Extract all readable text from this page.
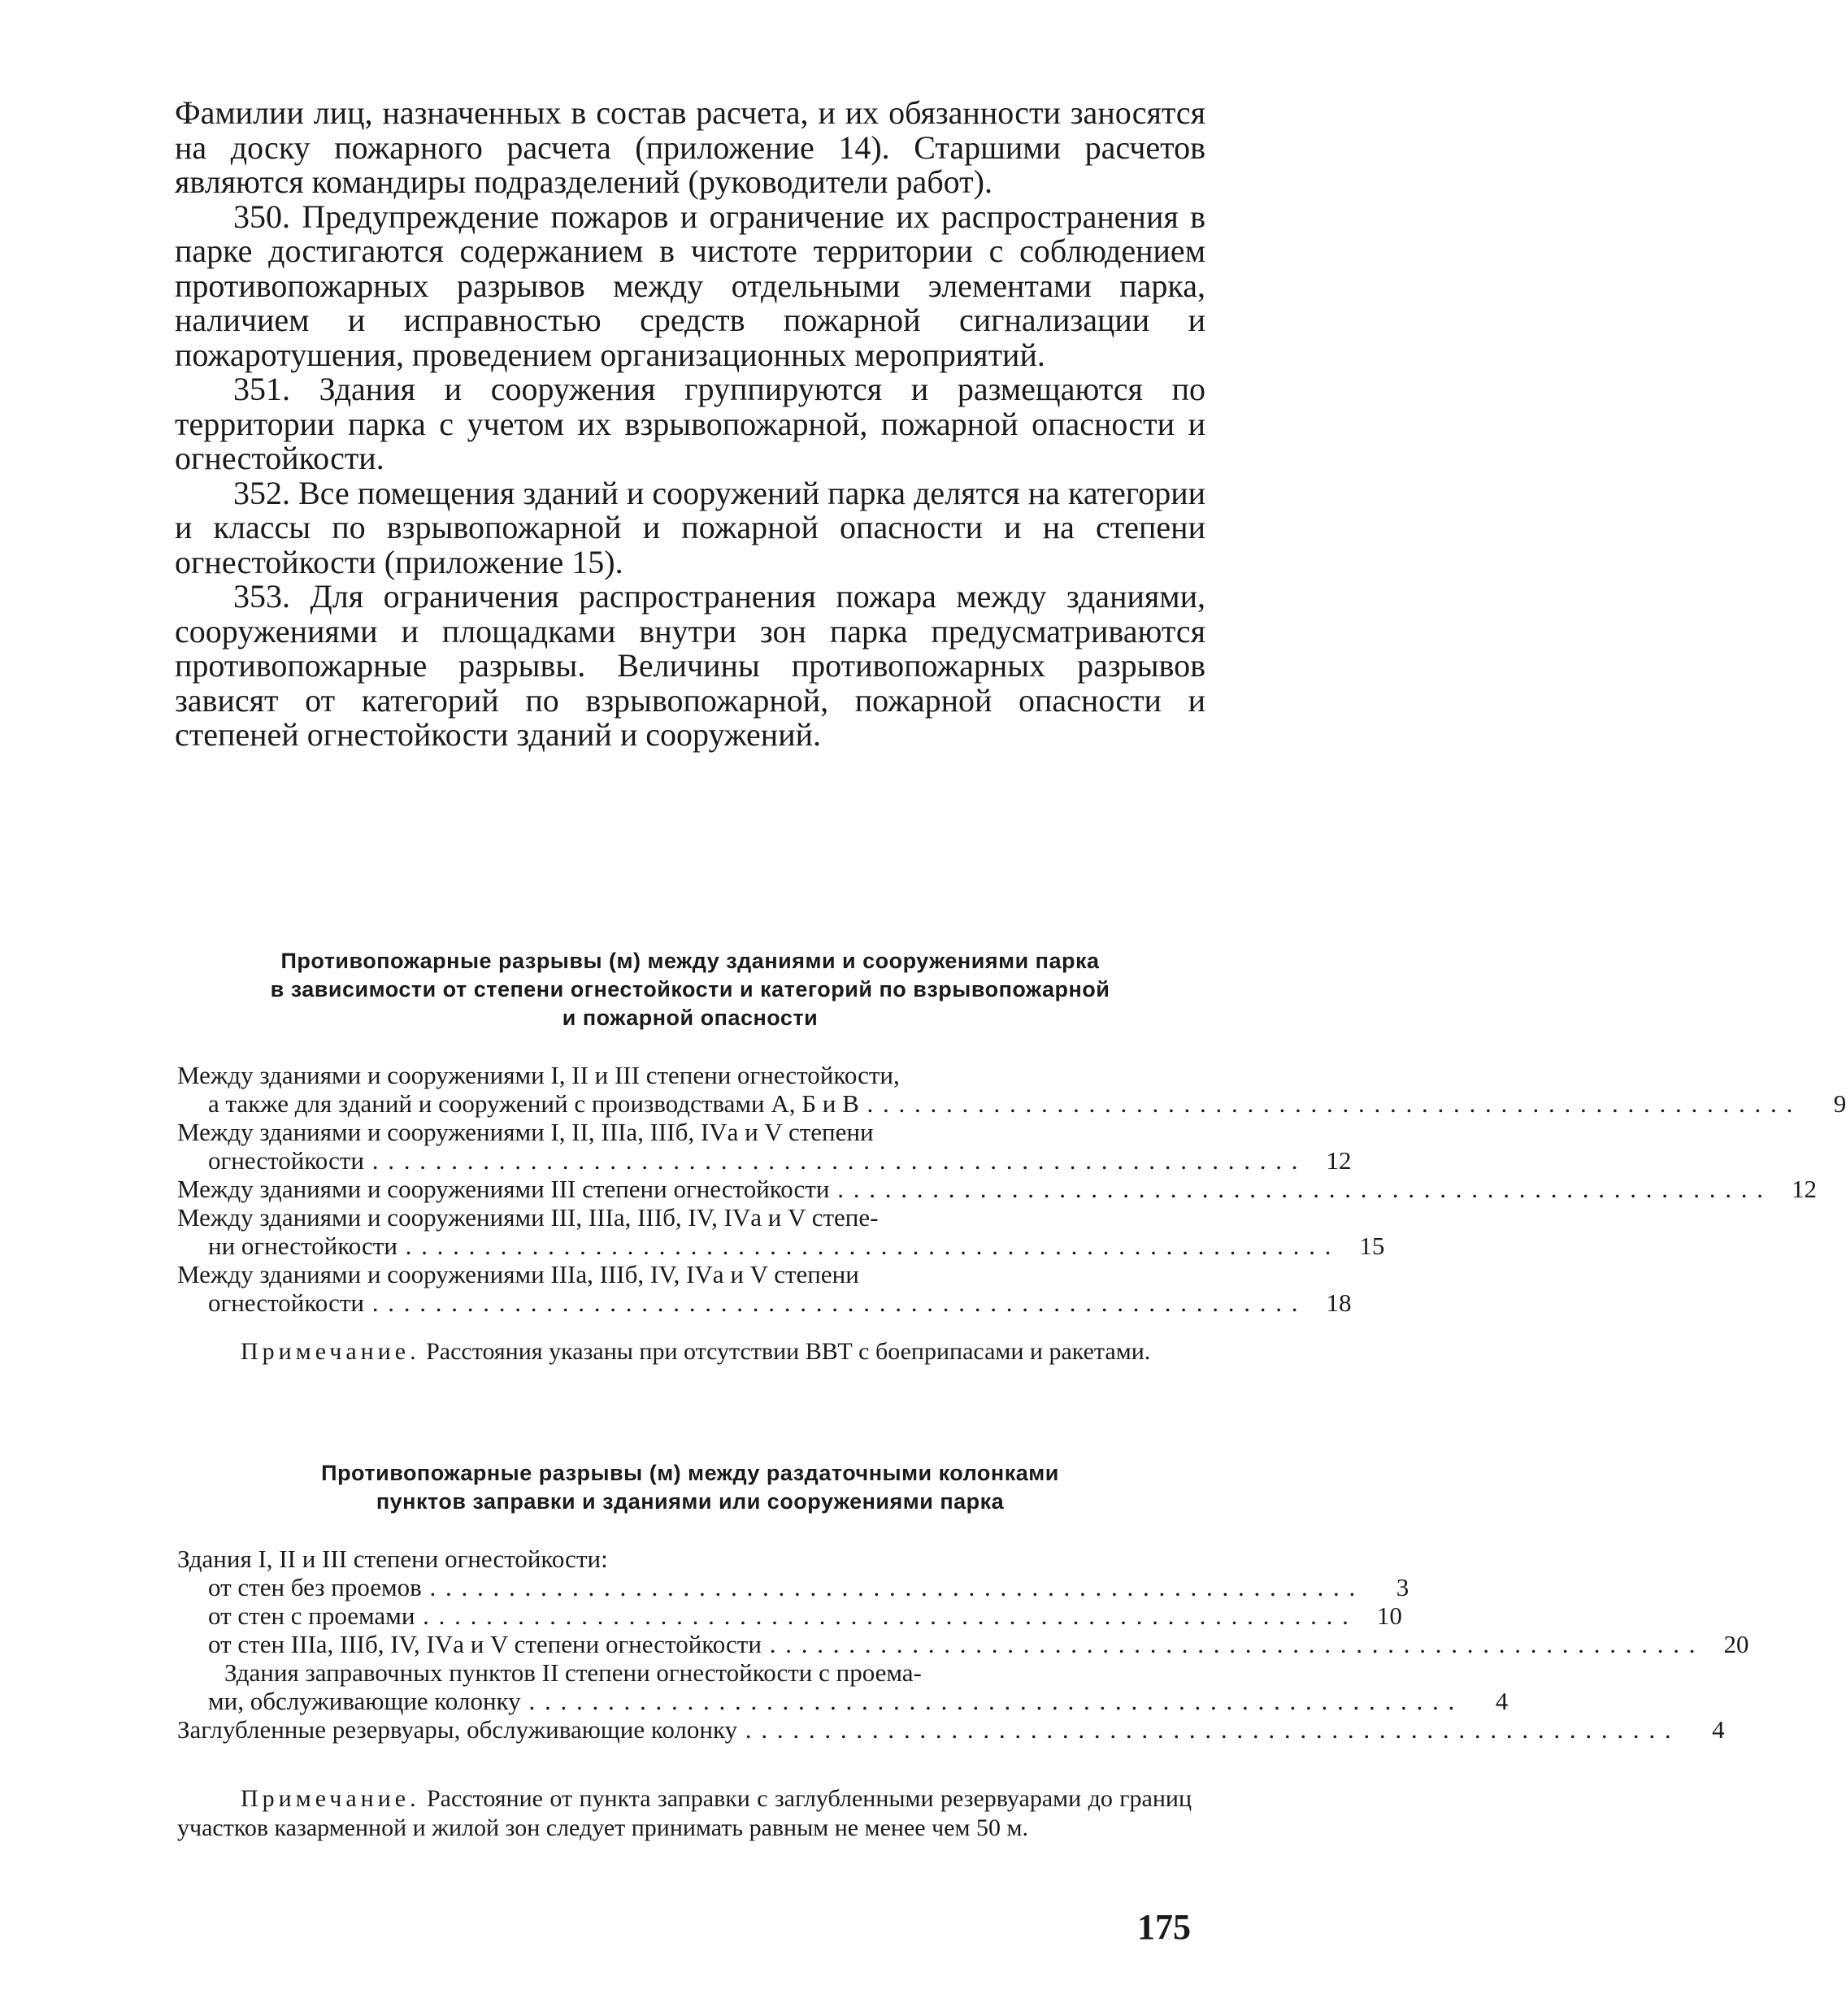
Фамилии лиц, назначенных в состав расчета, и их обязанности заносятся на доску пожарного расчета (приложение 14). Старшими расчетов являются командиры подразделений (руководители работ).

350. Предупреждение пожаров и ограничение их распространения в парке достигаются содержанием в чистоте территории с соблюдением противопожарных разрывов между отдельными элементами парка, наличием и исправностью средств пожарной сигнализации и пожаротушения, проведением организационных мероприятий.

351. Здания и сооружения группируются и размещаются по территории парка с учетом их взрывопожарной, пожарной опасности и огнестойкости.

352. Все помещения зданий и сооружений парка делятся на категории и классы по взрывопожарной и пожарной опасности и на степени огнестойкости (приложение 15).

353. Для ограничения распространения пожара между зданиями, сооружениями и площадками внутри зон парка предусматриваются противопожарные разрывы. Величины противопожарных разрывов зависят от категорий по взрывопожарной, пожарной опасности и степеней огнестойкости зданий и сооружений.

Противопожарные разрывы (м) между зданиями и сооружениями парка
в зависимости от степени огнестойкости и категорий по взрывопожарной
и пожарной опасности
Между зданиями и сооружениями I, II и III степени огнестойкости,
а также для зданий и сооружений с производствами А, Б и В . . . . . . . . . . . . . . . . . . . . . . . . . . . . . . . . . . . . . . . . . . . . . . . . . . . . . . . . . . .	9
Между зданиями и сооружениями I, II, IIIа, IIIб, IVа и V степени
огнестойкости . . . . . . . . . . . . . . . . . . . . . . . . . . . . . . . . . . . . . . . . . . . . . . . . . . . . . . . . . . .	12
Между зданиями и сооружениями III степени огнестойкости . . . . . . . . . . . . . . . . . . . . . . . . . . . . . . . . . . . . . . . . . . . . . . . . . . . . . . . . . . .	12
Между зданиями и сооружениями III, IIIа, IIIб, IV, IVа и V степе-
ни огнестойкости . . . . . . . . . . . . . . . . . . . . . . . . . . . . . . . . . . . . . . . . . . . . . . . . . . . . . . . . . . .	15
Между зданиями и сооружениями IIIа, IIIб, IV, IVа и V степени
огнестойкости . . . . . . . . . . . . . . . . . . . . . . . . . . . . . . . . . . . . . . . . . . . . . . . . . . . . . . . . . . .	18
Примечание. Расстояния указаны при отсутствии ВВТ с боеприпасами и ракетами.
Противопожарные разрывы (м) между раздаточными колонками
пунктов заправки и зданиями или сооружениями парка
Здания I, II и III степени огнестойкости:
от стен без проемов . . . . . . . . . . . . . . . . . . . . . . . . . . . . . . . . . . . . . . . . . . . . . . . . . . . . . . . . . . .	3
от стен с проемами . . . . . . . . . . . . . . . . . . . . . . . . . . . . . . . . . . . . . . . . . . . . . . . . . . . . . . . . . . .	10
от стен IIIа, IIIб, IV, IVа и V степени огнестойкости . . . . . . . . . . . . . . . . . . . . . . . . . . . . . . . . . . . . . . . . . . . . . . . . . . . . . . . . . . .	20
Здания заправочных пунктов II степени огнестойкости с проема-
ми, обслуживающие колонку . . . . . . . . . . . . . . . . . . . . . . . . . . . . . . . . . . . . . . . . . . . . . . . . . . . . . . . . . . .	4
Заглубленные резервуары, обслуживающие колонку . . . . . . . . . . . . . . . . . . . . . . . . . . . . . . . . . . . . . . . . . . . . . . . . . . . . . . . . . . .	4
Примечание. Расстояние от пункта заправки с заглубленными резервуарами до границ участков казарменной и жилой зон следует принимать равным не менее чем 50 м.
175
